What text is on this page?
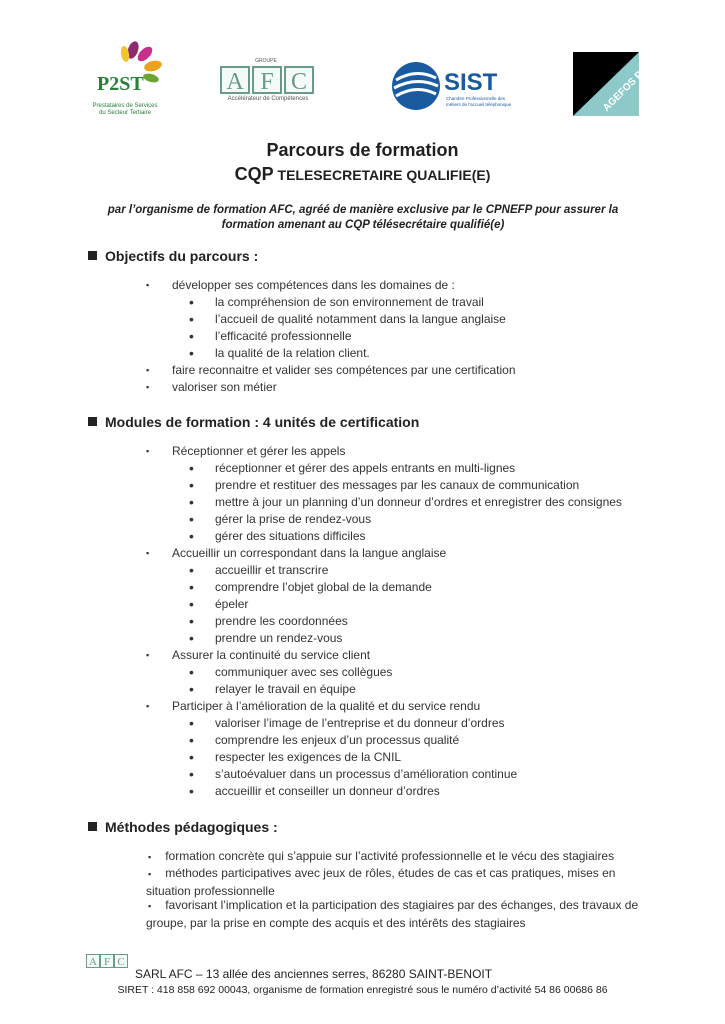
P2ST
Prestataires de Services
du Secteur Tertiaire
GROUPE
A F C
Accélérateur de Compétences
SIST
Chambre Professionnelle des
métiers de l'accueil téléphonique	AGEFOS PME
Parcours de formation
CQP TELESECRETAIRE QUALIFIE(E)
par l’organisme de formation AFC, agréé de manière exclusive par le CPNEFP pour assurer la formation amenant au CQP télésecrétaire qualifié(e)
Objectifs du parcours :
▪ développer ses compétences dans les domaines de :
• la compréhension de son environnement de travail
• l’accueil de qualité notamment dans la langue anglaise
• l’efficacité professionnelle
• la qualité de la relation client.
▪ faire reconnaitre et valider ses compétences par une certification
▪ valoriser son métier
Modules de formation : 4 unités de certification
▪ Réceptionner et gérer les appels
• réceptionner et gérer des appels entrants en multi-lignes
• prendre et restituer des messages par les canaux de communication
• mettre à jour un planning d’un donneur d’ordres et enregistrer des consignes
• gérer la prise de rendez-vous
• gérer des situations difficiles
▪ Accueillir un correspondant dans la langue anglaise
• accueillir et transcrire
• comprendre l’objet global de la demande
• épeler
• prendre les coordonnées
• prendre un rendez-vous
▪ Assurer la continuité du service client
• communiquer avec ses collègues
• relayer le travail en équipe
▪ Participer à l’amélioration de la qualité et du service rendu
• valoriser l’image de l’entreprise et du donneur d’ordres
• comprendre les enjeux d’un processus qualité
• respecter les exigences de la CNIL
• s’autoévaluer dans un processus d’amélioration continue
• accueillir et conseiller un donneur d’ordres
Méthodes pédagogiques :
▪ formation concrète qui s’appuie sur l’activité professionnelle et le vécu des stagiaires
▪ méthodes participatives avec jeux de rôles, études de cas et cas pratiques, mises en situation professionnelle
▪ favorisant l’implication et la participation des stagiaires par des échanges, des travaux de groupe, par la prise en compte des acquis et des intérêts des stagiaires
A F C
SARL AFC – 13 allée des anciennes serres, 86280 SAINT-BENOIT
SIRET : 418 858 692 00043, organisme de formation enregistré sous le numéro d’activité 54 86 00686 86
